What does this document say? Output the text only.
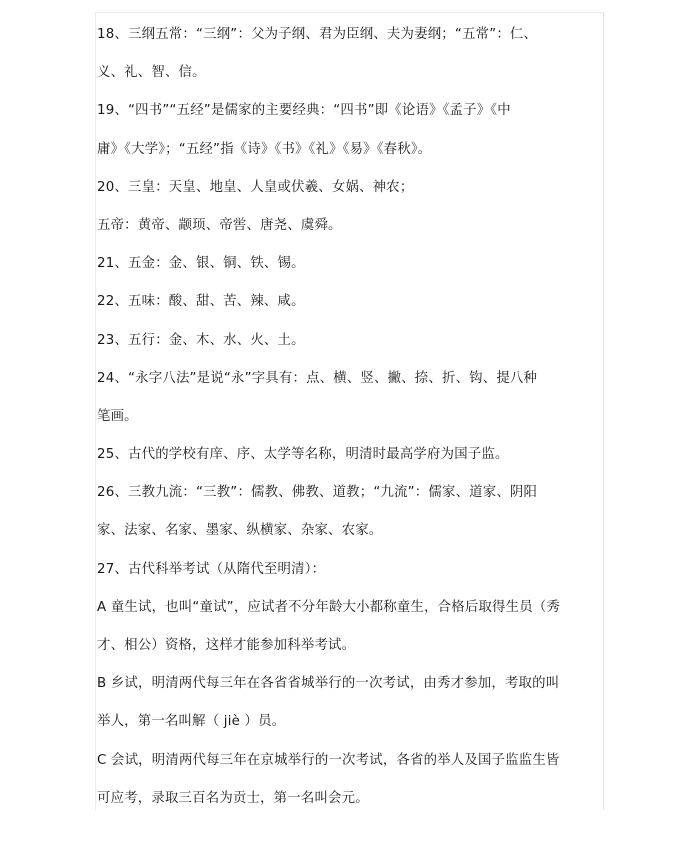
18、三纲五常：“三纲”：父为子纲、君为臣纲、夫为妻纲；“五常”：仁、
义、礼、智、信。
19、“四书”“五经”是儒家的主要经典：“四书”即《论语》《孟子》《中
庸》《大学》；“五经”指《诗》《书》《礼》《易》《春秋》。
20、三皇：天皇、地皇、人皇或伏羲、女娲、神农；
五帝：黄帝、颛顼、帝喾、唐尧、虞舜。
21、五金：金、银、铜、铁、锡。
22、五味：酸、甜、苦、辣、咸。
23、五行：金、木、水、火、土。
24、“永字八法”是说“永”字具有：点、横、竖、撇、捺、折、钩、提八种
笔画。
25、古代的学校有庠、序、太学等名称，明清时最高学府为国子监。
26、三教九流：“三教”：儒教、佛教、道教；“九流”：儒家、道家、阴阳
家、法家、名家、墨家、纵横家、杂家、农家。
27、古代科举考试（从隋代至明清）：
A 童生试，也叫“童试”，应试者不分年龄大小都称童生，合格后取得生员（秀
才、相公）资格，这样才能参加科举考试。
B 乡试，明清两代每三年在各省省城举行的一次考试，由秀才参加，考取的叫
举人，第一名叫解（ jiè ）员。
C 会试，明清两代每三年在京城举行的一次考试，各省的举人及国子监监生皆
可应考，录取三百名为贡士，第一名叫会元。
